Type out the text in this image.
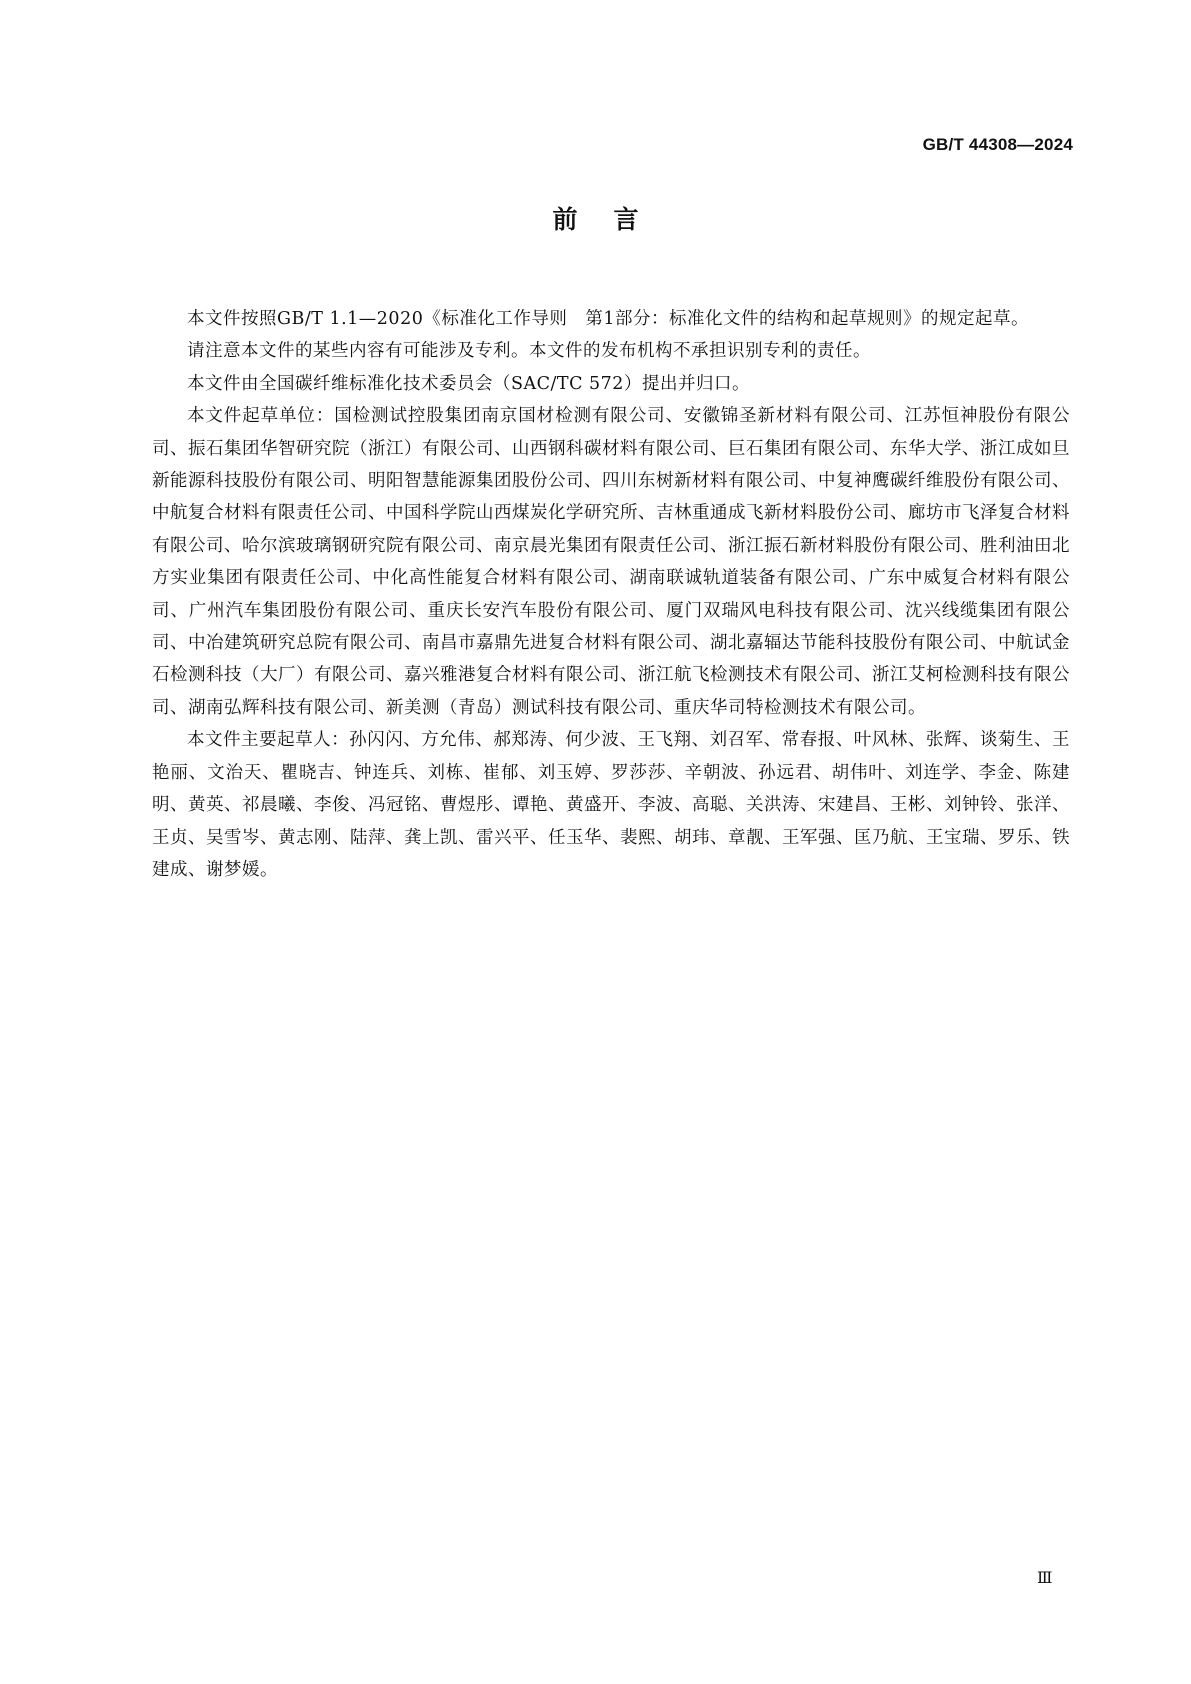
GB/T 44308—2024
前言

本文件按照GB/T 1.1—2020《标准化工作导则　第1部分：标准化文件的结构和起草规则》的规定起草。

请注意本文件的某些内容有可能涉及专利。本文件的发布机构不承担识别专利的责任。

本文件由全国碳纤维标准化技术委员会（SAC/TC 572）提出并归口。

本文件起草单位：国检测试控股集团南京国材检测有限公司、安徽锦圣新材料有限公司、江苏恒神股份有限公司、振石集团华智研究院（浙江）有限公司、山西钢科碳材料有限公司、巨石集团有限公司、东华大学、浙江成如旦新能源科技股份有限公司、明阳智慧能源集团股份公司、四川东树新材料有限公司、中复神鹰碳纤维股份有限公司、中航复合材料有限责任公司、中国科学院山西煤炭化学研究所、吉林重通成飞新材料股份公司、廊坊市飞泽复合材料有限公司、哈尔滨玻璃钢研究院有限公司、南京晨光集团有限责任公司、浙江振石新材料股份有限公司、胜利油田北方实业集团有限责任公司、中化高性能复合材料有限公司、湖南联诚轨道装备有限公司、广东中威复合材料有限公司、广州汽车集团股份有限公司、重庆长安汽车股份有限公司、厦门双瑞风电科技有限公司、沈兴线缆集团有限公司、中冶建筑研究总院有限公司、南昌市嘉鼎先进复合材料有限公司、湖北嘉辐达节能科技股份有限公司、中航试金石检测科技（大厂）有限公司、嘉兴雅港复合材料有限公司、浙江航飞检测技术有限公司、浙江艾柯检测科技有限公司、湖南弘辉科技有限公司、新美测（青岛）测试科技有限公司、重庆华司特检测技术有限公司。

本文件主要起草人：孙闪闪、方允伟、郝郑涛、何少波、王飞翔、刘召军、常春报、叶风林、张辉、谈菊生、王艳丽、文治天、瞿晓吉、钟连兵、刘栋、崔郁、刘玉婷、罗莎莎、辛朝波、孙远君、胡伟叶、刘连学、李金、陈建明、黄英、祁晨曦、李俊、冯冠铭、曹煜彤、谭艳、黄盛开、李波、高聪、关洪涛、宋建昌、王彬、刘钟铃、张洋、王贞、吴雪岑、黄志刚、陆萍、龚上凯、雷兴平、任玉华、裴熙、胡玮、章靓、王军强、匡乃航、王宝瑞、罗乐、铁建成、谢梦媛。

Ⅲ
